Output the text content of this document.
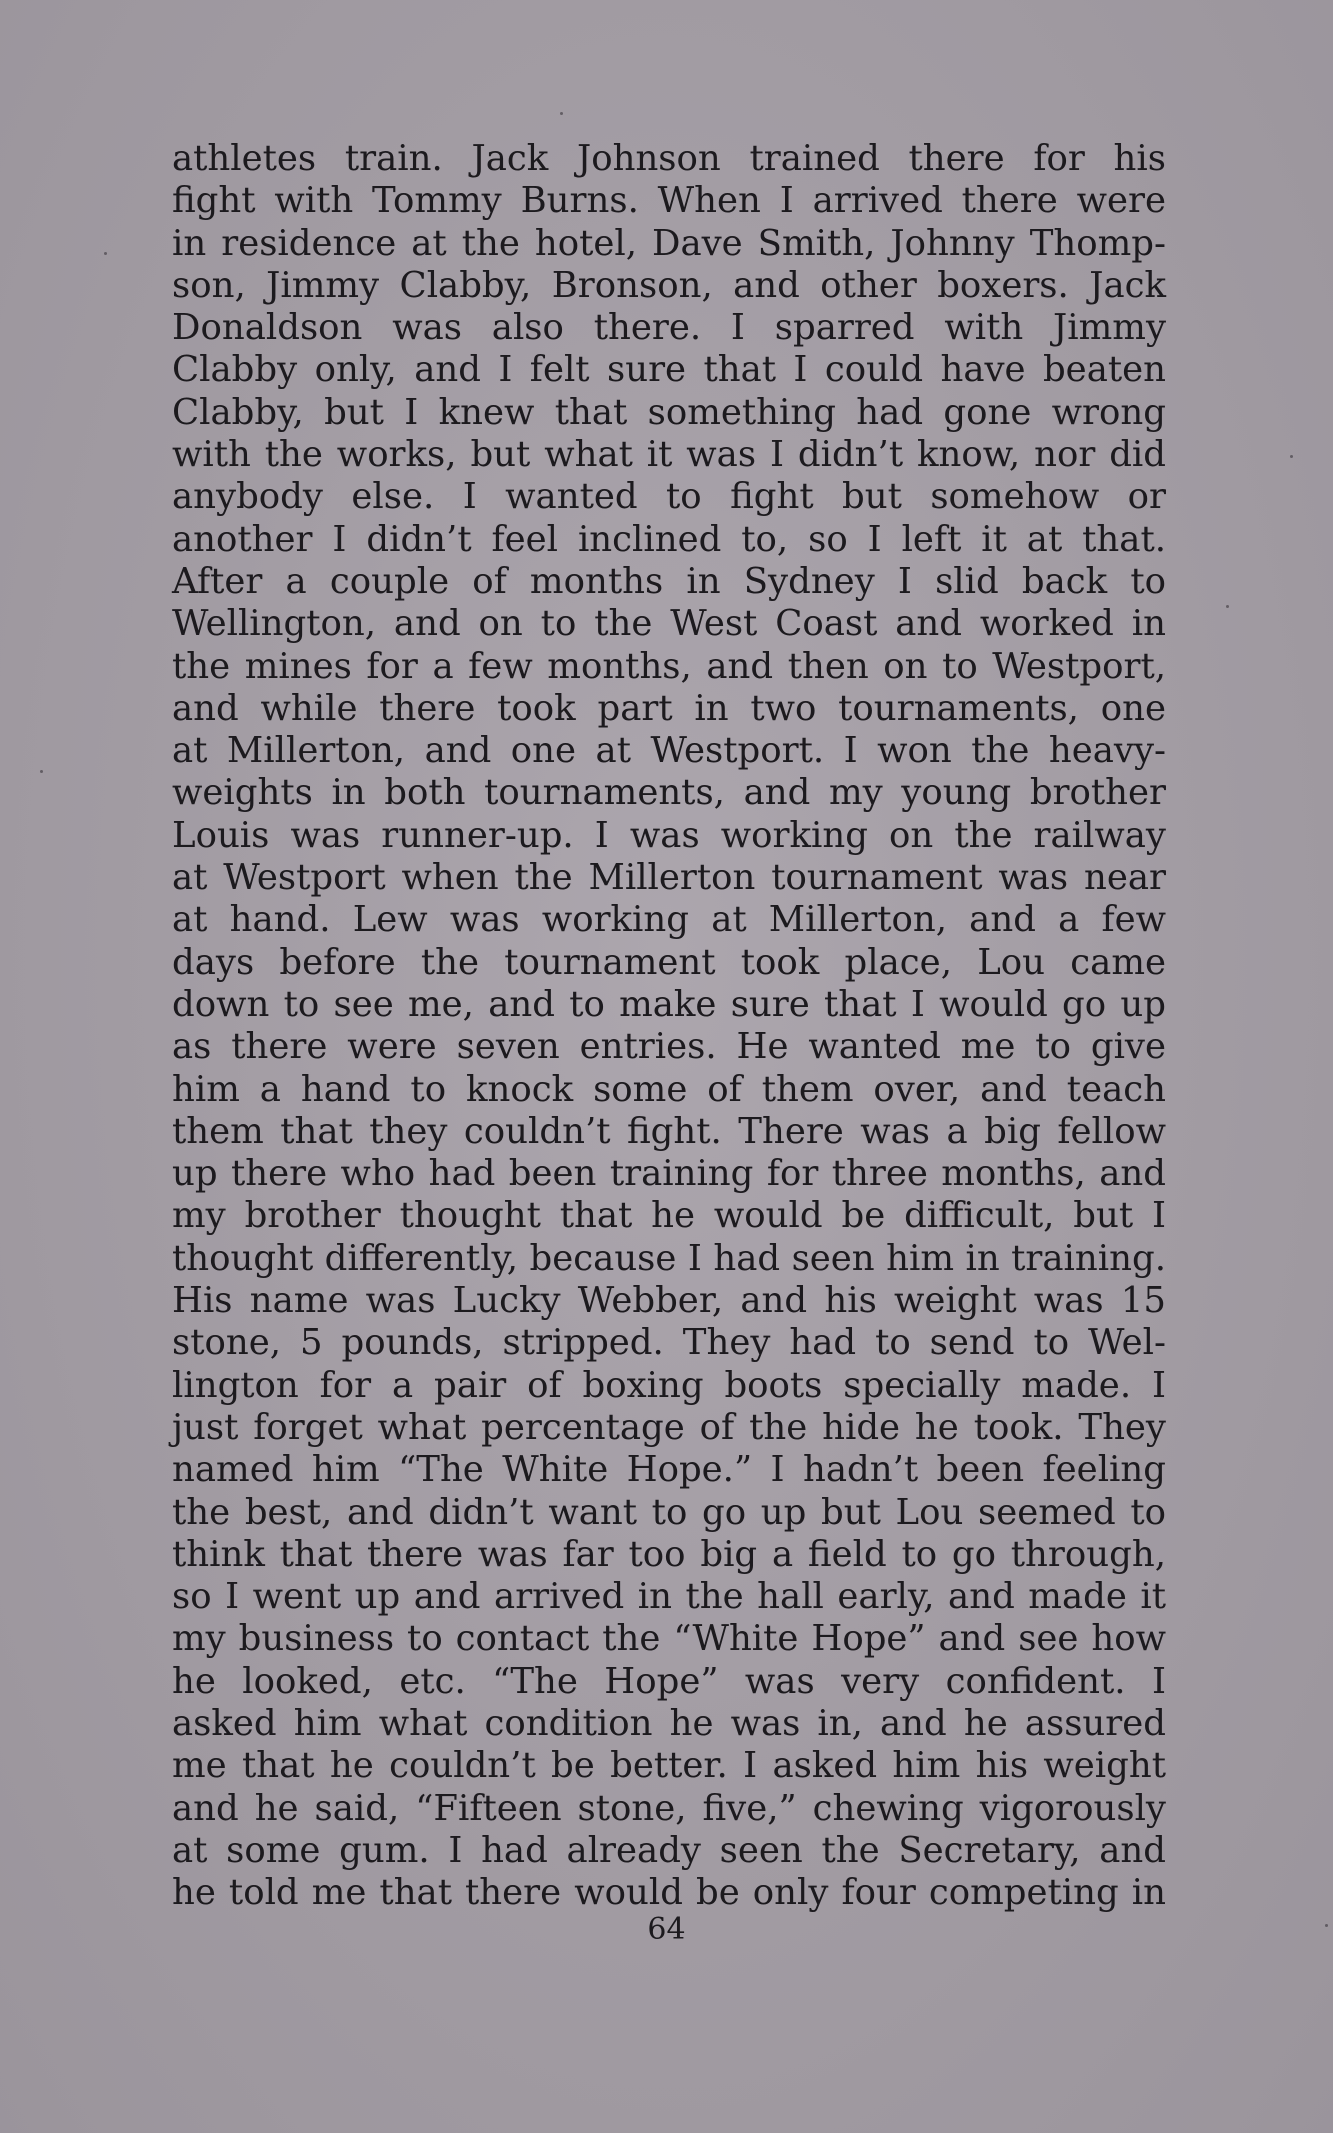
athletes train. Jack Johnson trained there for his
fight with Tommy Burns. When I arrived there were
in residence at the hotel, Dave Smith, Johnny Thomp-
son, Jimmy Clabby, Bronson, and other boxers. Jack
Donaldson was also there. I sparred with Jimmy
Clabby only, and I felt sure that I could have beaten
Clabby, but I knew that something had gone wrong
with the works, but what it was I didn’t know, nor did
anybody else. I wanted to fight but somehow or
another I didn’t feel inclined to, so I left it at that.
After a couple of months in Sydney I slid back to
Wellington, and on to the West Coast and worked in
the mines for a few months, and then on to Westport,
and while there took part in two tournaments, one
at Millerton, and one at Westport. I won the heavy-
weights in both tournaments, and my young brother
Louis was runner-up. I was working on the railway
at Westport when the Millerton tournament was near
at hand. Lew was working at Millerton, and a few
days before the tournament took place, Lou came
down to see me, and to make sure that I would go up
as there were seven entries. He wanted me to give
him a hand to knock some of them over, and teach
them that they couldn’t fight. There was a big fellow
up there who had been training for three months, and
my brother thought that he would be difficult, but I
thought differently, because I had seen him in training.
His name was Lucky Webber, and his weight was 15
stone, 5 pounds, stripped. They had to send to Wel-
lington for a pair of boxing boots specially made. I
just forget what percentage of the hide he took. They
named him “The White Hope.” I hadn’t been feeling
the best, and didn’t want to go up but Lou seemed to
think that there was far too big a field to go through,
so I went up and arrived in the hall early, and made it
my business to contact the “White Hope” and see how
he looked, etc. “The Hope” was very confident. I
asked him what condition he was in, and he assured
me that he couldn’t be better. I asked him his weight
and he said, “Fifteen stone, five,” chewing vigorously
at some gum. I had already seen the Secretary, and
he told me that there would be only four competing in
64
